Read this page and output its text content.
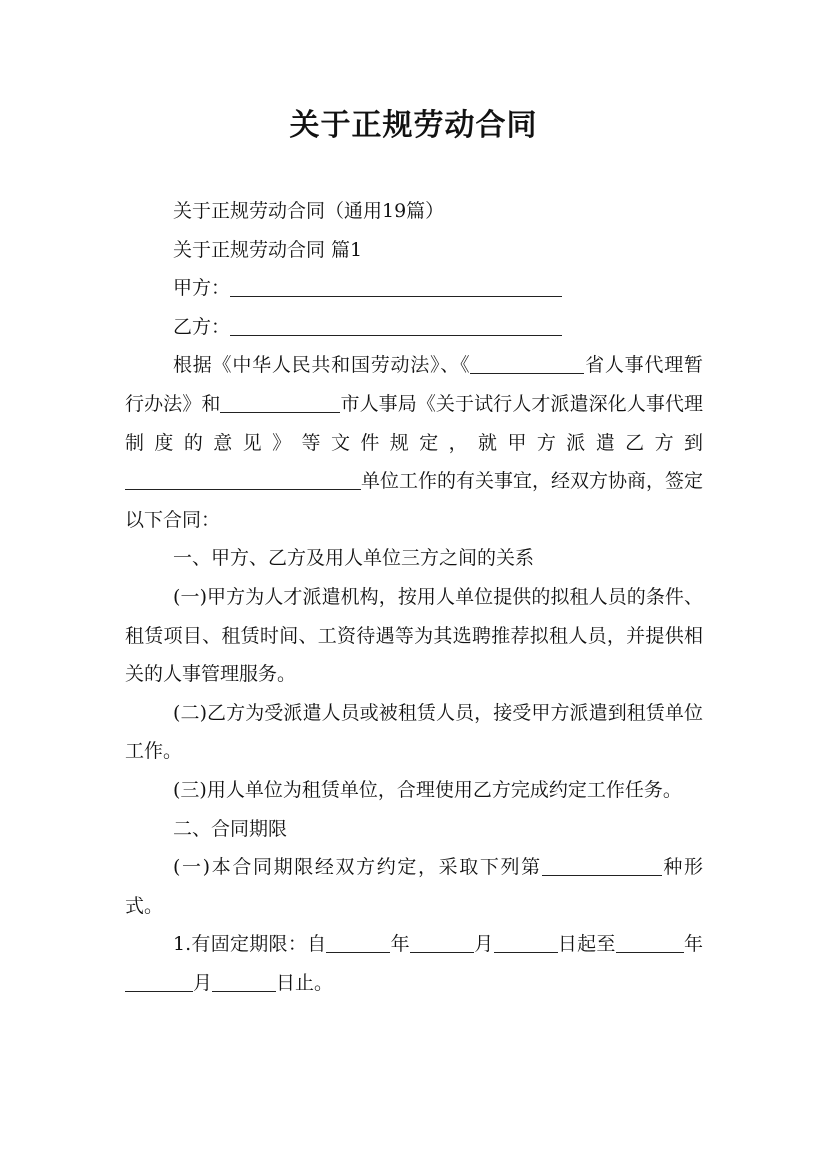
关于正规劳动合同

关于正规劳动合同（通用19篇）

关于正规劳动合同 篇1

甲方：

乙方：

根据《中华人民共和国劳动法》、《	省人事代理暂行办法》和	市人事局《关于试行人才派遣深化人事代理制度的意见》等文件规定，就甲方派遣乙方到单位工作的有关事宜，经双方协商，签定以下合同：

一、甲方、乙方及用人单位三方之间的关系

(一)甲方为人才派遣机构，按用人单位提供的拟租人员的条件、租赁项目、租赁时间、工资待遇等为其选聘推荐拟租人员，并提供相关的人事管理服务。

(二)乙方为受派遣人员或被租赁人员，接受甲方派遣到租赁单位工作。

(三)用人单位为租赁单位，合理使用乙方完成约定工作任务。

二、合同期限

(一)本合同期限经双方约定，采取下列第	种形式。

1.有固定期限：自	年	月	日起至	年月	日止。
